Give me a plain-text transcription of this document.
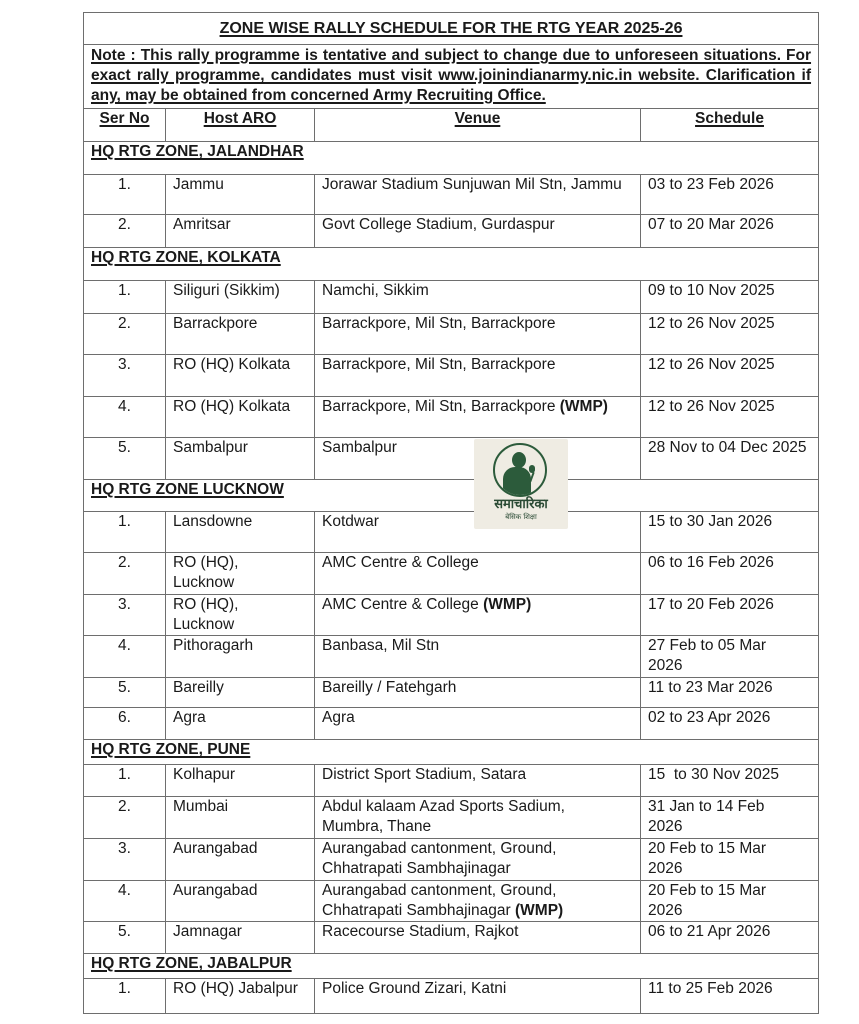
ZONE WISE RALLY SCHEDULE FOR THE RTG YEAR 2025-26			
Note : This rally programme is tentative and subject to change due to unforeseen situations. For exact rally programme, candidates must visit www.joinindianarmy.nic.in website. Clarification if any, may be obtained from concerned Army Recruiting Office.			
Ser No	Host ARO	Venue	Schedule
HQ RTG ZONE, JALANDHAR			
1.	Jammu	Jorawar Stadium Sunjuwan Mil Stn, Jammu	03 to 23 Feb 2026
2.	Amritsar	Govt College Stadium, Gurdaspur	07 to 20 Mar 2026
HQ RTG ZONE, KOLKATA			
1.	Siliguri (Sikkim)	Namchi, Sikkim	09 to 10 Nov 2025
2.	Barrackpore	Barrackpore, Mil Stn, Barrackpore	12 to 26 Nov 2025
3.	RO (HQ) Kolkata	Barrackpore, Mil Stn, Barrackpore	12 to 26 Nov 2025
4.	RO (HQ) Kolkata	Barrackpore, Mil Stn, Barrackpore (WMP)	12 to 26 Nov 2025
5.	Sambalpur	Sambalpur	28 Nov to 04 Dec 2025
HQ RTG ZONE LUCKNOW			
1.	Lansdowne	Kotdwar	15 to 30 Jan 2026
2.	RO (HQ), Lucknow	AMC Centre & College	06 to 16 Feb 2026
3.	RO (HQ), Lucknow	AMC Centre & College (WMP)	17 to 20 Feb 2026
4.	Pithoragarh	Banbasa, Mil Stn	27 Feb to 05 Mar 2026

5.	Bareilly	Bareilly / Fatehgarh	11 to 23 Mar 2026
6.	Agra	Agra	02 to 23 Apr 2026
HQ RTG ZONE, PUNE			
1.	Kolhapur	District Sport Stadium, Satara	15  to 30 Nov 2025
2.	Mumbai	Abdul kalaam Azad Sports Sadium, Mumbra, Thane	31 Jan to 14 Feb 2026

3.	Aurangabad	Aurangabad cantonment, Ground, Chhatrapati Sambhajinagar	20 Feb to 15 Mar 2026

4.	Aurangabad	Aurangabad cantonment, Ground, Chhatrapati Sambhajinagar (WMP)	20 Feb to 15 Mar 2026

5.	Jamnagar	Racecourse Stadium, Rajkot	06 to 21 Apr 2026
HQ RTG ZONE, JABALPUR			
1.	RO (HQ) Jabalpur	Police Ground Zizari, Katni	11 to 25 Feb 2026
समाचारिका
बेसिक शिक्षा
